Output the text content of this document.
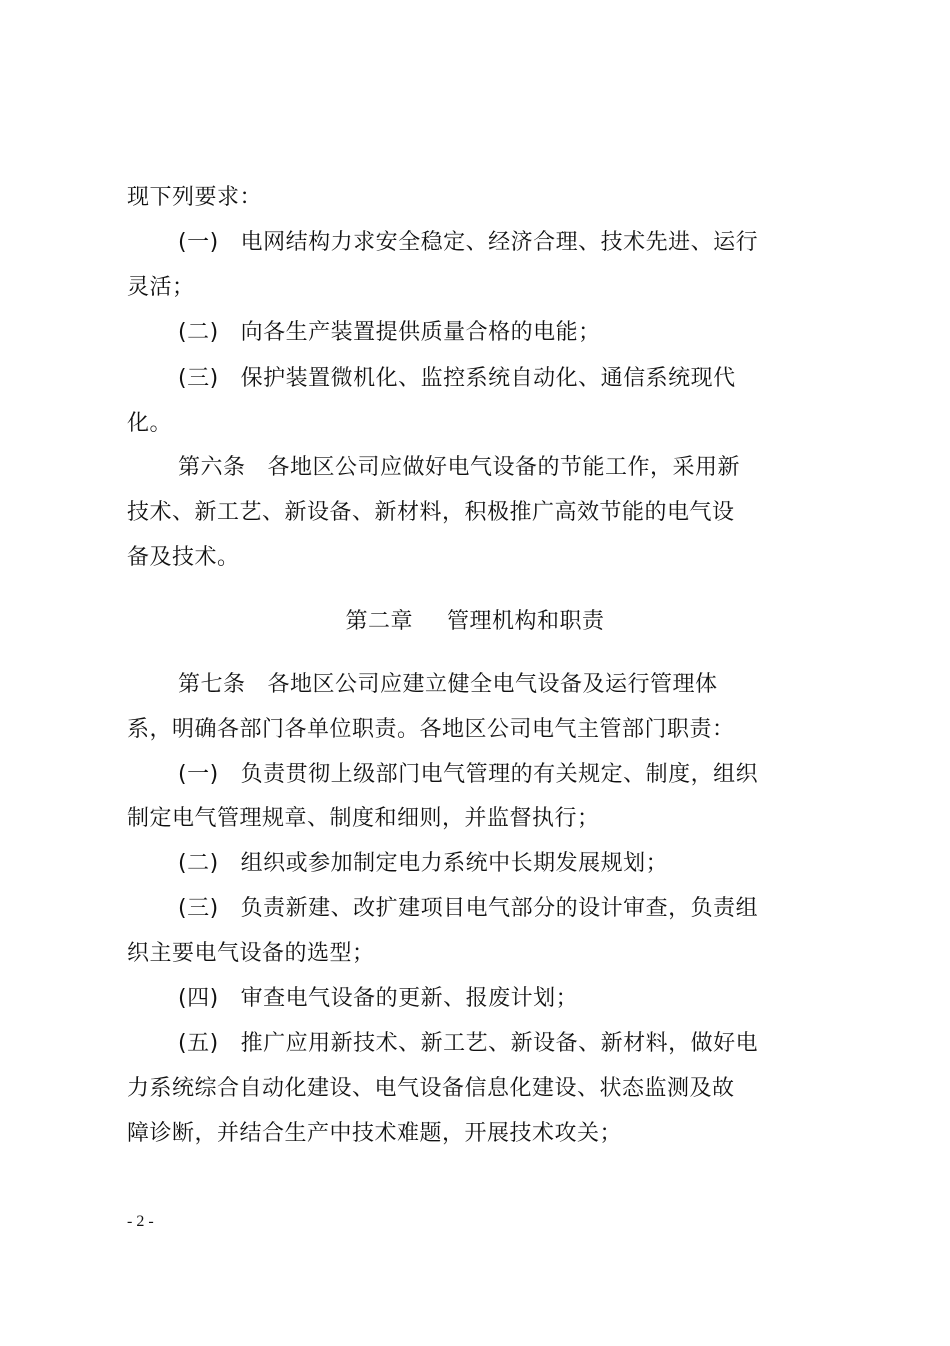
现下列要求：
(一) 电网结构力求安全稳定、经济合理、技术先进、运行
灵活；
(二) 向各生产装置提供质量合格的电能；
(三) 保护装置微机化、监控系统自动化、通信系统现代
化。
第六条 各地区公司应做好电气设备的节能工作，采用新
技术、新工艺、新设备、新材料，积极推广高效节能的电气设
备及技术。
第二章 管理机构和职责
第七条 各地区公司应建立健全电气设备及运行管理体
系，明确各部门各单位职责。各地区公司电气主管部门职责：
(一) 负责贯彻上级部门电气管理的有关规定、制度，组织
制定电气管理规章、制度和细则，并监督执行；
(二) 组织或参加制定电力系统中长期发展规划；
(三) 负责新建、改扩建项目电气部分的设计审查，负责组
织主要电气设备的选型；
(四) 审查电气设备的更新、报废计划；
(五) 推广应用新技术、新工艺、新设备、新材料，做好电
力系统综合自动化建设、电气设备信息化建设、状态监测及故
障诊断，并结合生产中技术难题，开展技术攻关；
- 2 -
